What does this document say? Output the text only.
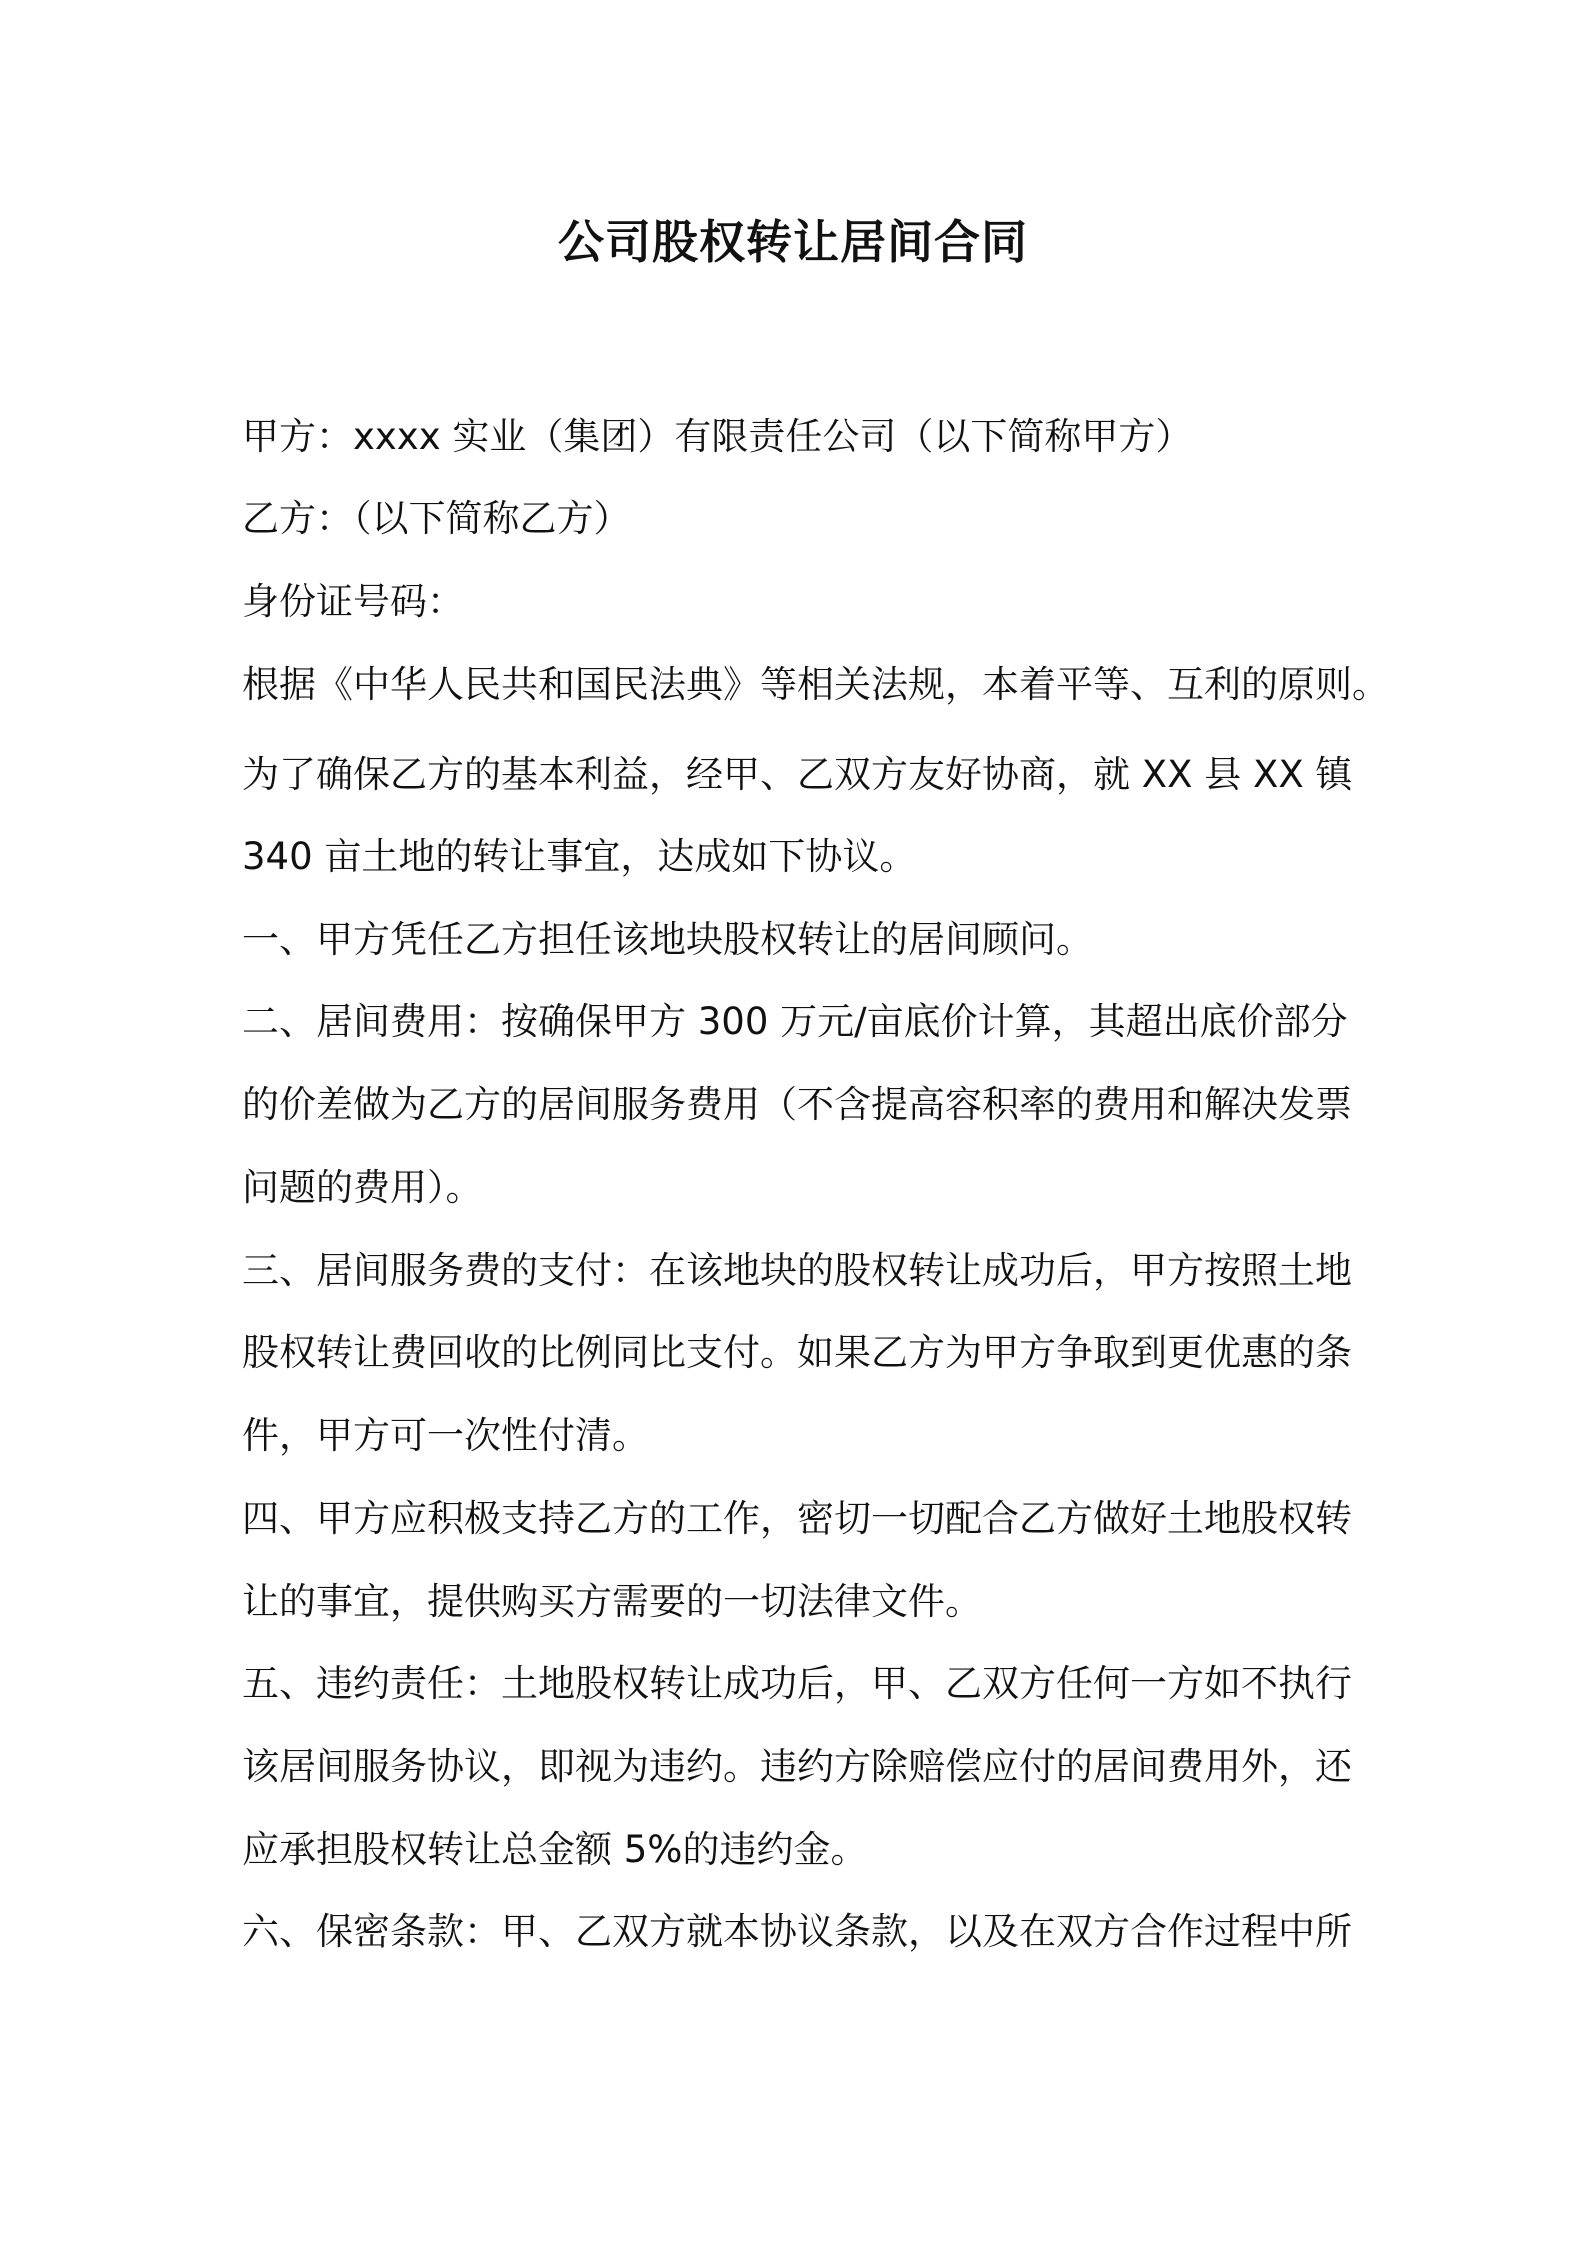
公司股权转让居间合同
甲方：xxxx 实业（集团）有限责任公司（以下简称甲方）
乙方：（以下简称乙方）
身份证号码：
根据《中华人民共和国民法典》等相关法规，本着平等、互利的原则。
为了确保乙方的基本利益，经甲、乙双方友好协商，就 XX 县 XX 镇
340 亩土地的转让事宜，达成如下协议。
一、甲方凭任乙方担任该地块股权转让的居间顾问。
二、居间费用：按确保甲方 300 万元/亩底价计算，其超出底价部分
的价差做为乙方的居间服务费用（不含提高容积率的费用和解决发票
问题的费用）。
三、居间服务费的支付：在该地块的股权转让成功后，甲方按照土地
股权转让费回收的比例同比支付。如果乙方为甲方争取到更优惠的条
件，甲方可一次性付清。
四、甲方应积极支持乙方的工作，密切一切配合乙方做好土地股权转
让的事宜，提供购买方需要的一切法律文件。
五、违约责任：土地股权转让成功后，甲、乙双方任何一方如不执行
该居间服务协议，即视为违约。违约方除赔偿应付的居间费用外，还
应承担股权转让总金额 5%的违约金。
六、保密条款：甲、乙双方就本协议条款，以及在双方合作过程中所
